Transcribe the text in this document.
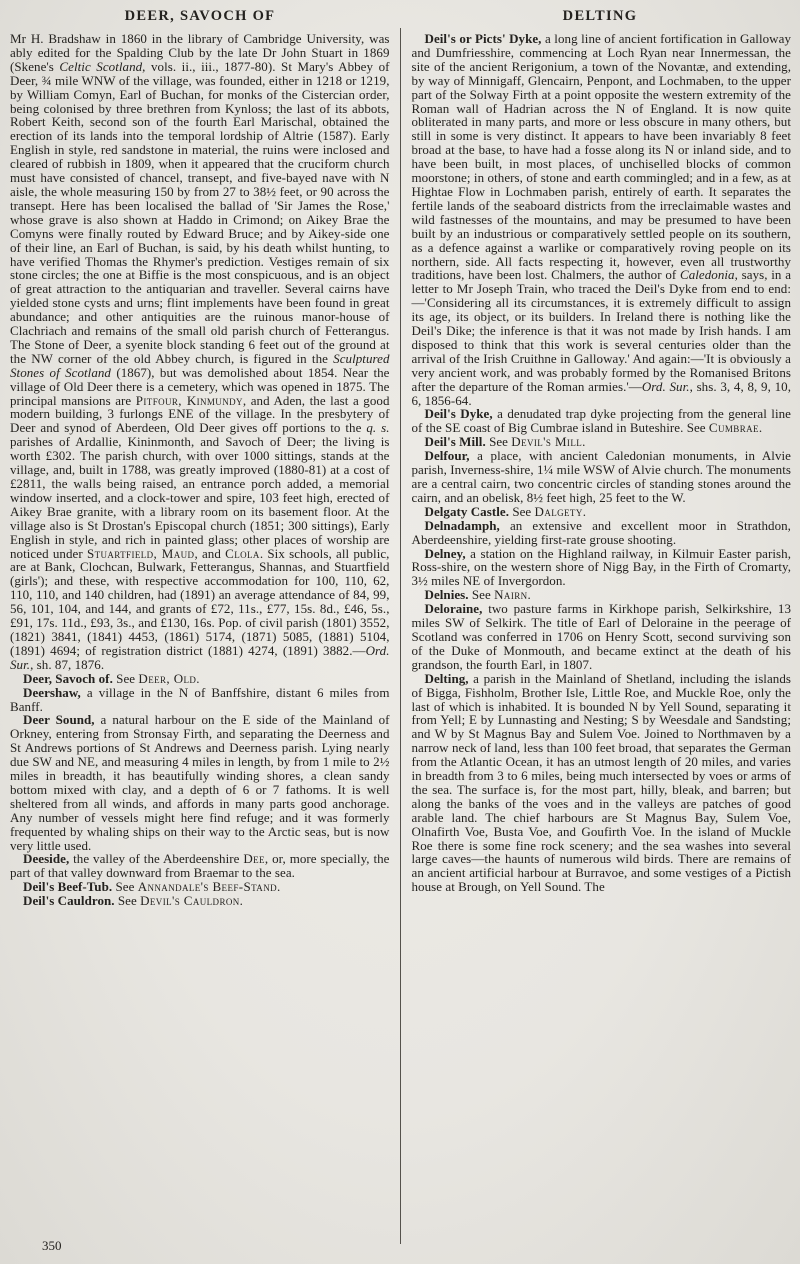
DEER, SAVOCH OF	DELTING

Mr H. Bradshaw in 1860 in the library of Cambridge University, was ably edited for the Spalding Club by the late Dr John Stuart in 1869 (Skene's Celtic Scotland, vols. ii., iii., 1877-80). St Mary's Abbey of Deer, ¾ mile WNW of the village, was founded, either in 1218 or 1219, by William Comyn, Earl of Buchan, for monks of the Cistercian order, being colonised by three brethren from Kynloss; the last of its abbots, Robert Keith, second son of the fourth Earl Marischal, obtained the erection of its lands into the temporal lordship of Altrie (1587). Early English in style, red sandstone in material, the ruins were inclosed and cleared of rubbish in 1809, when it appeared that the cruciform church must have consisted of chancel, transept, and five-bayed nave with N aisle, the whole measuring 150 by from 27 to 38½ feet, or 90 across the transept. Here has been localised the ballad of 'Sir James the Rose,' whose grave is also shown at Haddo in Crimond; on Aikey Brae the Comyns were finally routed by Edward Bruce; and by Aikey-side one of their line, an Earl of Buchan, is said, by his death whilst hunting, to have verified Thomas the Rhymer's prediction. Vestiges remain of six stone circles; the one at Biffie is the most conspicuous, and is an object of great attraction to the antiquarian and traveller. Several cairns have yielded stone cysts and urns; flint implements have been found in great abundance; and other antiquities are the ruinous manor-house of Clachriach and remains of the small old parish church of Fetterangus. The Stone of Deer, a syenite block standing 6 feet out of the ground at the NW corner of the old Abbey church, is figured in the Sculptured Stones of Scotland (1867), but was demolished about 1854. Near the village of Old Deer there is a cemetery, which was opened in 1875. The principal mansions are Pitfour, Kinmundy, and Aden, the last a good modern building, 3 furlongs ENE of the village. In the presbytery of Deer and synod of Aberdeen, Old Deer gives off portions to the q. s. parishes of Ardallie, Kininmonth, and Savoch of Deer; the living is worth £302. The parish church, with over 1000 sittings, stands at the village, and, built in 1788, was greatly improved (1880-81) at a cost of £2811, the walls being raised, an entrance porch added, a memorial window inserted, and a clock-tower and spire, 103 feet high, erected of Aikey Brae granite, with a library room on its basement floor. At the village also is St Drostan's Episcopal church (1851; 300 sittings), Early English in style, and rich in painted glass; other places of worship are noticed under Stuartfield, Maud, and Clola. Six schools, all public, are at Bank, Clochcan, Bulwark, Fetterangus, Shannas, and Stuartfield (girls'); and these, with respective accommodation for 100, 110, 62, 110, 110, and 140 children, had (1891) an average attendance of 84, 99, 56, 101, 104, and 144, and grants of £72, 11s., £77, 15s. 8d., £46, 5s., £91, 17s. 11d., £93, 3s., and £130, 16s. Pop. of civil parish (1801) 3552, (1821) 3841, (1841) 4453, (1861) 5174, (1871) 5085, (1881) 5104, (1891) 4694; of registration district (1881) 4274, (1891) 3882.—Ord. Sur., sh. 87, 1876.

Deer, Savoch of. See Deer, Old.

Deershaw, a village in the N of Banffshire, distant 6 miles from Banff.

Deer Sound, a natural harbour on the E side of the Mainland of Orkney, entering from Stronsay Firth, and separating the Deerness and St Andrews portions of St Andrews and Deerness parish. Lying nearly due SW and NE, and measuring 4 miles in length, by from 1 mile to 2½ miles in breadth, it has beautifully winding shores, a clean sandy bottom mixed with clay, and a depth of 6 or 7 fathoms. It is well sheltered from all winds, and affords in many parts good anchorage. Any number of vessels might here find refuge; and it was formerly frequented by whaling ships on their way to the Arctic seas, but is now very little used.

Deeside, the valley of the Aberdeenshire Dee, or, more specially, the part of that valley downward from Braemar to the sea.

Deil's Beef-Tub. See Annandale's Beef-Stand.

Deil's Cauldron. See Devil's Cauldron.

Deil's or Picts' Dyke, a long line of ancient fortification in Galloway and Dumfriesshire, commencing at Loch Ryan near Innermessan, the site of the ancient Rerigonium, a town of the Novantæ, and extending, by way of Minnigaff, Glencairn, Penpont, and Lochmaben, to the upper part of the Solway Firth at a point opposite the western extremity of the Roman wall of Hadrian across the N of England. It is now quite obliterated in many parts, and more or less obscure in many others, but still in some is very distinct. It appears to have been invariably 8 feet broad at the base, to have had a fosse along its N or inland side, and to have been built, in most places, of unchiselled blocks of common moorstone; in others, of stone and earth commingled; and in a few, as at Hightae Flow in Lochmaben parish, entirely of earth. It separates the fertile lands of the seaboard districts from the irreclaimable wastes and wild fastnesses of the mountains, and may be presumed to have been built by an industrious or comparatively settled people on its southern, as a defence against a warlike or comparatively roving people on its northern, side. All facts respecting it, however, even all trustworthy traditions, have been lost. Chalmers, the author of Caledonia, says, in a letter to Mr Joseph Train, who traced the Deil's Dyke from end to end:—'Considering all its circumstances, it is extremely difficult to assign its age, its object, or its builders. In Ireland there is nothing like the Deil's Dike; the inference is that it was not made by Irish hands. I am disposed to think that this work is several centuries older than the arrival of the Irish Cruithne in Galloway.' And again:—'It is obviously a very ancient work, and was probably formed by the Romanised Britons after the departure of the Roman armies.'—Ord. Sur., shs. 3, 4, 8, 9, 10, 6, 1856-64.

Deil's Dyke, a denudated trap dyke projecting from the general line of the SE coast of Big Cumbrae island in Buteshire. See Cumbrae.

Deil's Mill. See Devil's Mill.

Delfour, a place, with ancient Caledonian monuments, in Alvie parish, Inverness-shire, 1¼ mile WSW of Alvie church. The monuments are a central cairn, two concentric circles of standing stones around the cairn, and an obelisk, 8½ feet high, 25 feet to the W.

Delgaty Castle. See Dalgety.

Delnadamph, an extensive and excellent moor in Strathdon, Aberdeenshire, yielding first-rate grouse shooting.

Delney, a station on the Highland railway, in Kilmuir Easter parish, Ross-shire, on the western shore of Nigg Bay, in the Firth of Cromarty, 3½ miles NE of Invergordon.

Delnies. See Nairn.

Deloraine, two pasture farms in Kirkhope parish, Selkirkshire, 13 miles SW of Selkirk. The title of Earl of Deloraine in the peerage of Scotland was conferred in 1706 on Henry Scott, second surviving son of the Duke of Monmouth, and became extinct at the death of his grandson, the fourth Earl, in 1807.

Delting, a parish in the Mainland of Shetland, including the islands of Bigga, Fishholm, Brother Isle, Little Roe, and Muckle Roe, only the last of which is inhabited. It is bounded N by Yell Sound, separating it from Yell; E by Lunnasting and Nesting; S by Weesdale and Sandsting; and W by St Magnus Bay and Sulem Voe. Joined to Northmaven by a narrow neck of land, less than 100 feet broad, that separates the German from the Atlantic Ocean, it has an utmost length of 20 miles, and varies in breadth from 3 to 6 miles, being much intersected by voes or arms of the sea. The surface is, for the most part, hilly, bleak, and barren; but along the banks of the voes and in the valleys are patches of good arable land. The chief harbours are St Magnus Bay, Sulem Voe, Olnafirth Voe, Busta Voe, and Goufirth Voe. In the island of Muckle Roe there is some fine rock scenery; and the sea washes into several large caves—the haunts of numerous wild birds. There are remains of an ancient artificial harbour at Burravoe, and some vestiges of a Pictish house at Brough, on Yell Sound. The

350
